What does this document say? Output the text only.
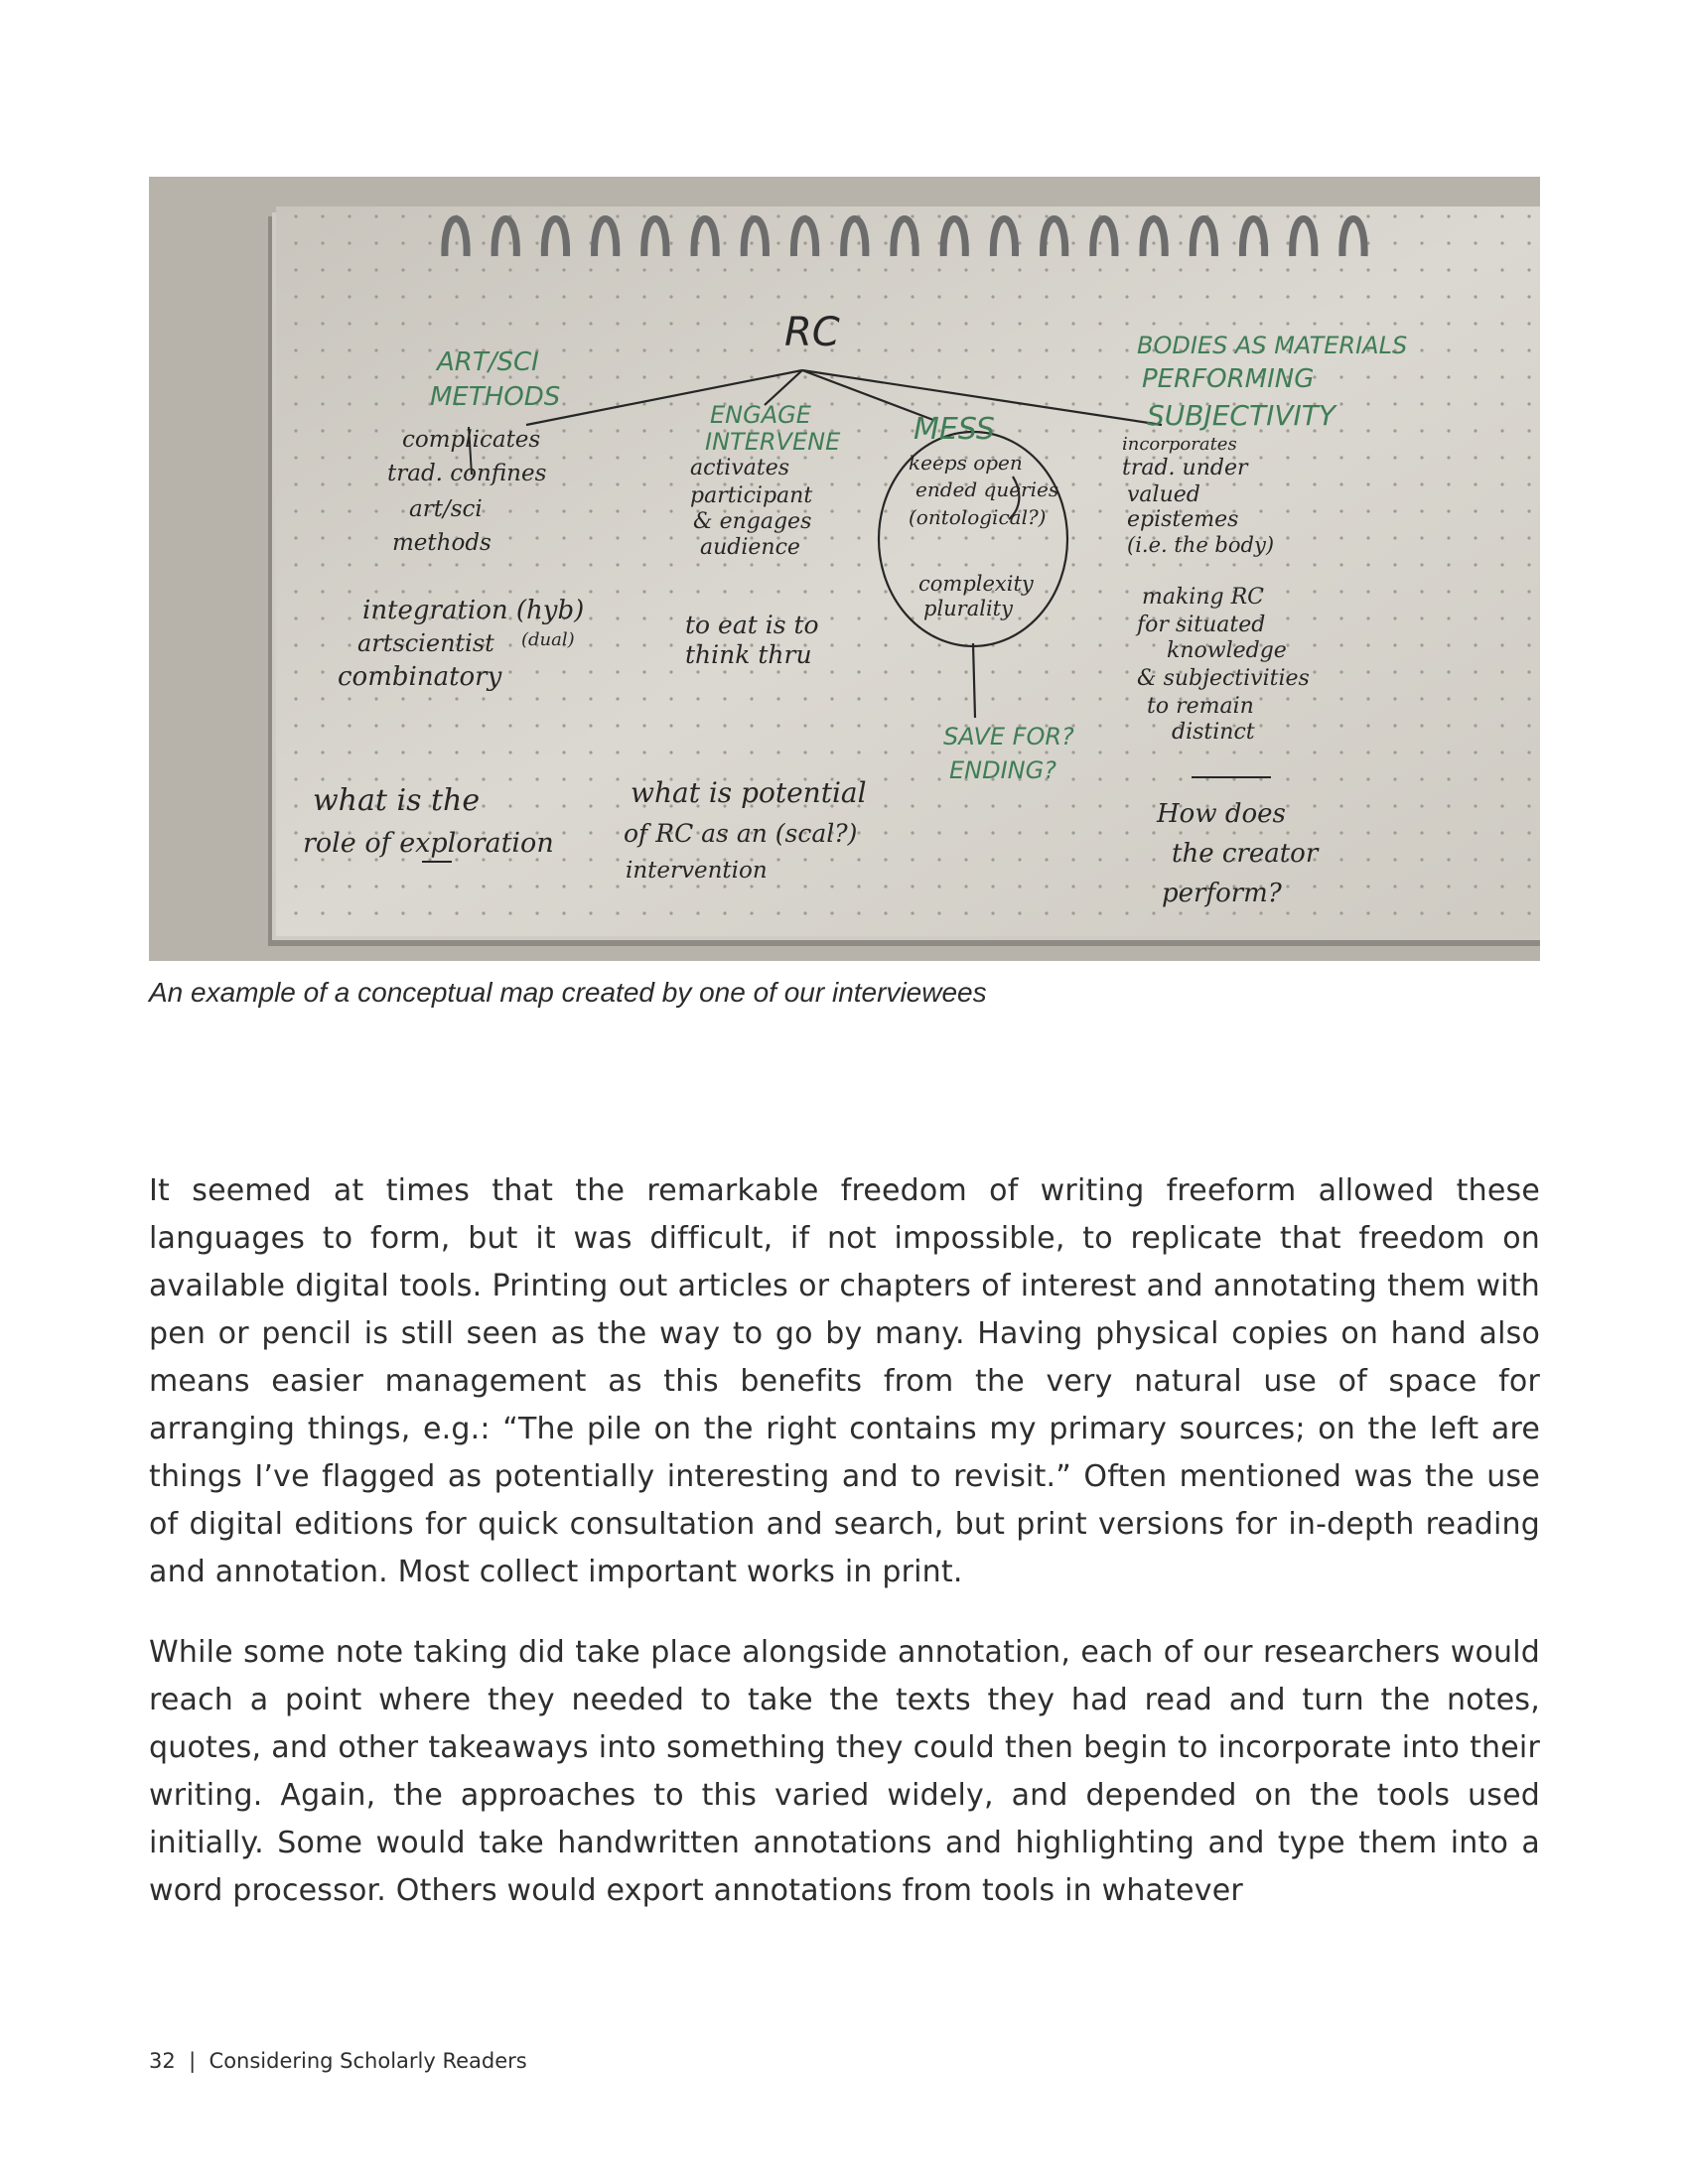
RC
ART/SCI
METHODS
ENGAGE
INTERVENE MESS
BODIES AS MATERIALS
PERFORMING
SUBJECTIVITY
complicates
trad. confines
art/sci
methods
integration (hyb)
(dual)
artscientist
combinatory
what is the
role of exploration
activates
participant
& engages
audience
to eat is to
think thru
what is potential
of RC as an (scal?)
intervention
keeps open
ended queries
(ontological?)
complexity
plurality
incorporates
trad. under
valued
epistemes
(i.e. the body)
making RC
for situated
knowledge
& subjectivities
to remain
distinct
How does
the creator
perform?
SAVE FOR?
ENDING?

An example of a conceptual map created by one of our interviewees

It seemed at times that the remarkable freedom of writing freeform allowed these languages to form, but it was difficult, if not impossible, to replicate that freedom on available digital tools. Printing out articles or chapters of interest and annotating them with pen or pencil is still seen as the way to go by many. Having physical copies on hand also means easier management as this benefits from the very natural use of space for arranging things, e.g.: “The pile on the right contains my primary sources; on the left are things I’ve flagged as potentially interesting and to revisit.” Often mentioned was the use of digital editions for quick consultation and search, but print versions for in-depth reading and annotation. Most collect important works in print.

While some note taking did take place alongside annotation, each of our researchers would reach a point where they needed to take the texts they had read and turn the notes, quotes, and other takeaways into something they could then begin to incorporate into their writing. Again, the approaches to this varied widely, and depended on the tools used initially. Some would take handwritten annotations and highlighting and type them into a word processor. Others would export annotations from tools in whatever

32 | Considering Scholarly Readers
